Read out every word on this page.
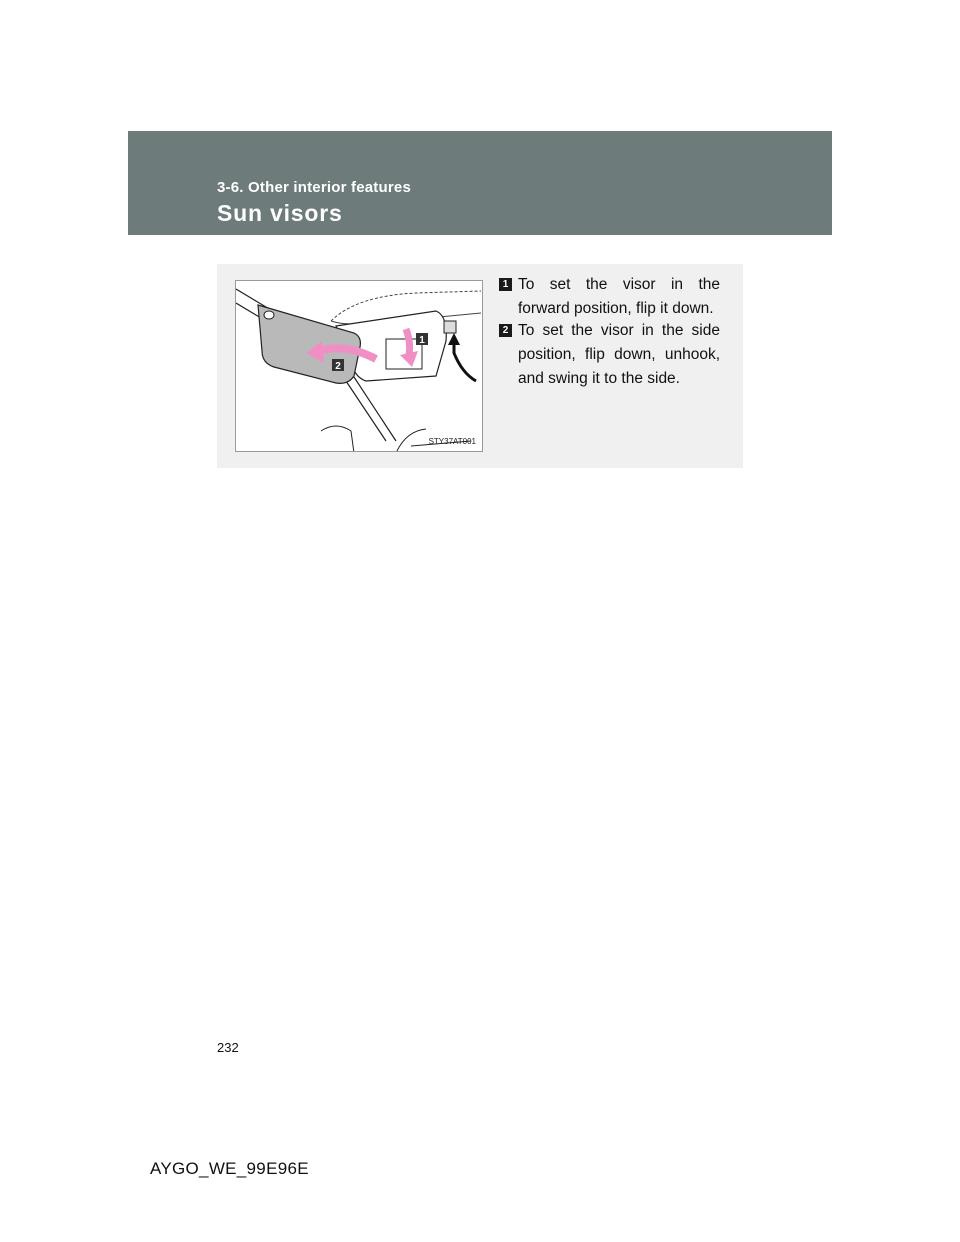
3-6. Other interior features
Sun visors
1
2
STY37AT001
1 To set the visor in the forward position, flip it down.
2 To set the visor in the side position, flip down, unhook, and swing it to the side.
232
AYGO_WE_99E96E
